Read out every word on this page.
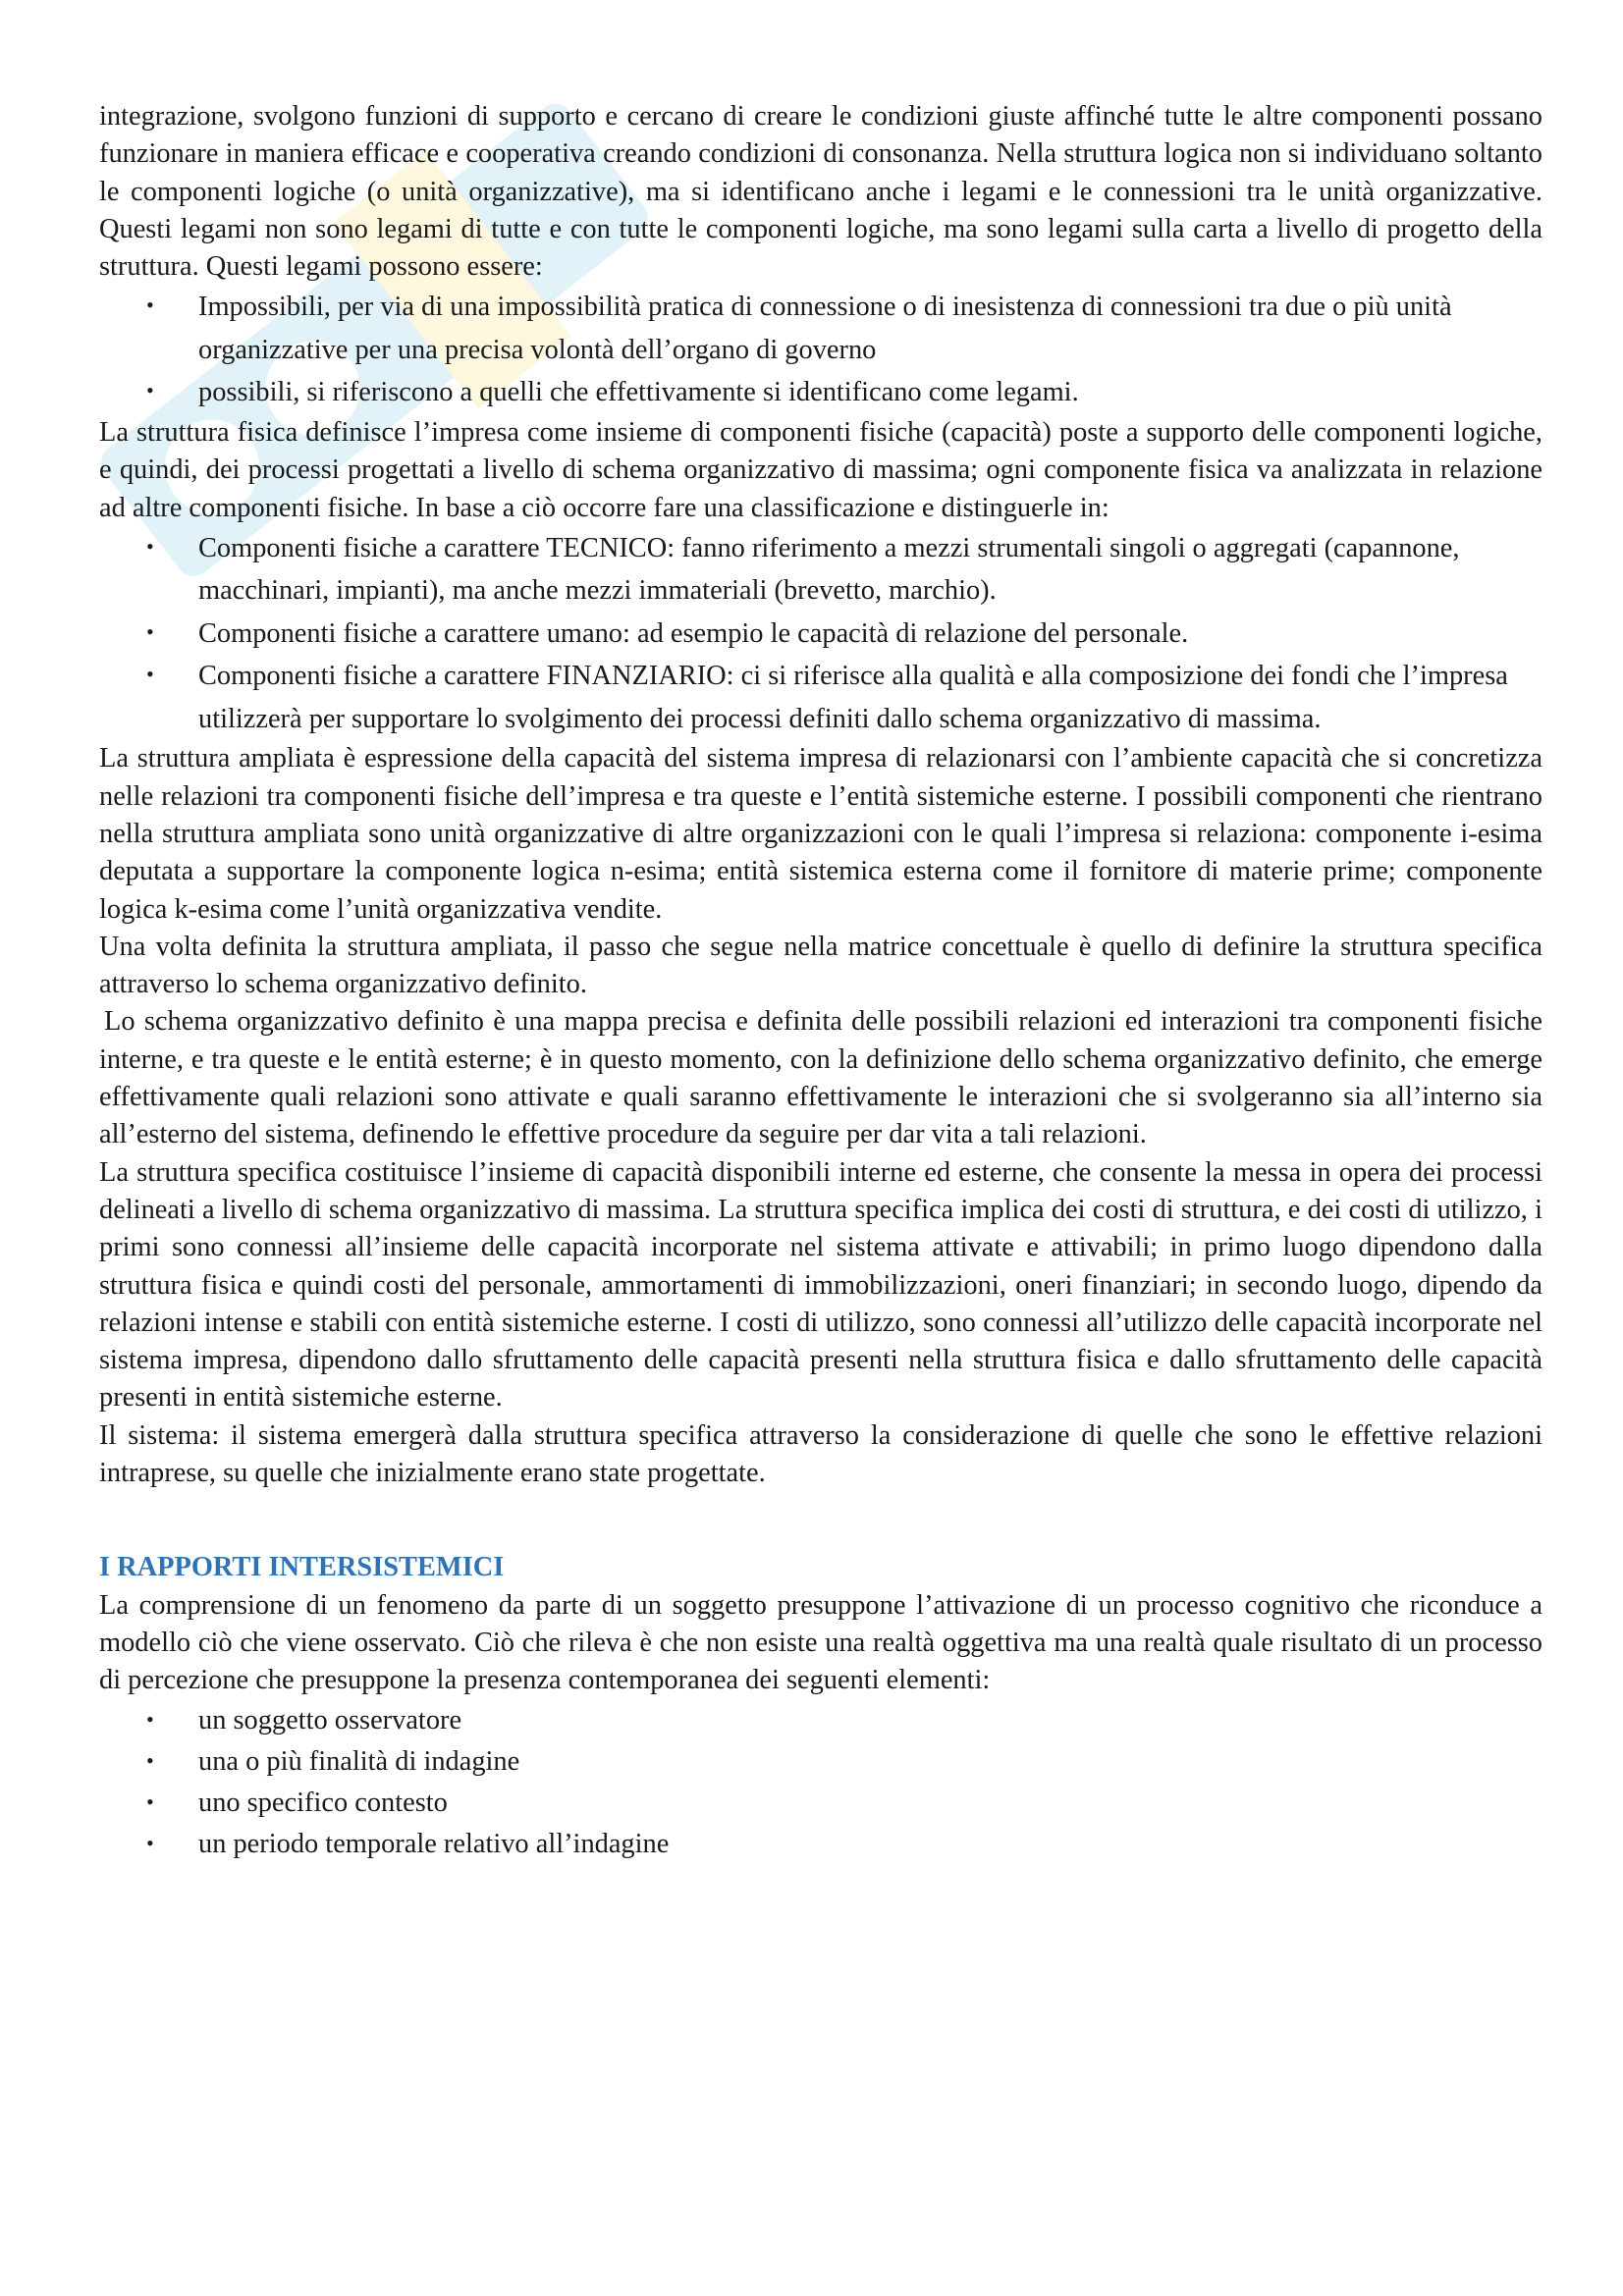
integrazione, svolgono funzioni di supporto e cercano di creare le condizioni giuste affinché tutte le altre componenti possano funzionare in maniera efficace e cooperativa creando condizioni di consonanza. Nella struttura logica non si individuano soltanto le componenti logiche (o unità organizzative), ma si identificano anche i legami e le connessioni tra le unità organizzative. Questi legami non sono legami di tutte e con tutte le componenti logiche, ma sono legami sulla carta a livello di progetto della struttura. Questi legami possono essere:

• Impossibili, per via di una impossibilità pratica di connessione o di inesistenza di connessioni tra due o più unità organizzative per una precisa volontà dell’organo di governo
• possibili, si riferiscono a quelli che effettivamente si identificano come legami.

La struttura fisica definisce l’impresa come insieme di componenti fisiche (capacità) poste a supporto delle componenti logiche, e quindi, dei processi progettati a livello di schema organizzativo di massima; ogni componente fisica va analizzata in relazione ad altre componenti fisiche. In base a ciò occorre fare una classificazione e distinguerle in:

• Componenti fisiche a carattere TECNICO: fanno riferimento a mezzi strumentali singoli o aggregati (capannone, macchinari, impianti), ma anche mezzi immateriali (brevetto, marchio).
• Componenti fisiche a carattere umano: ad esempio le capacità di relazione del personale.
• Componenti fisiche a carattere FINANZIARIO: ci si riferisce alla qualità e alla composizione dei fondi che l’impresa utilizzerà per supportare lo svolgimento dei processi definiti dallo schema organizzativo di massima.

La struttura ampliata è espressione della capacità del sistema impresa di relazionarsi con l’ambiente capacità che si concretizza nelle relazioni tra componenti fisiche dell’impresa e tra queste e l’entità sistemiche esterne. I possibili componenti che rientrano nella struttura ampliata sono unità organizzative di altre organizzazioni con le quali l’impresa si relaziona: componente i-esima deputata a supportare la componente logica n-esima; entità sistemica esterna come il fornitore di materie prime; componente logica k-esima come l’unità organizzativa vendite.

Una volta definita la struttura ampliata, il passo che segue nella matrice concettuale è quello di definire la struttura specifica attraverso lo schema organizzativo definito.

Lo schema organizzativo definito è una mappa precisa e definita delle possibili relazioni ed interazioni tra componenti fisiche interne, e tra queste e le entità esterne; è in questo momento, con la definizione dello schema organizzativo definito, che emerge effettivamente quali relazioni sono attivate e quali saranno effettivamente le interazioni che si svolgeranno sia all’interno sia all’esterno del sistema, definendo le effettive procedure da seguire per dar vita a tali relazioni.

La struttura specifica costituisce l’insieme di capacità disponibili interne ed esterne, che consente la messa in opera dei processi delineati a livello di schema organizzativo di massima. La struttura specifica implica dei costi di struttura, e dei costi di utilizzo, i primi sono connessi all’insieme delle capacità incorporate nel sistema attivate e attivabili; in primo luogo dipendono dalla struttura fisica e quindi costi del personale, ammortamenti di immobilizzazioni, oneri finanziari; in secondo luogo, dipendo da relazioni intense e stabili con entità sistemiche esterne. I costi di utilizzo, sono connessi all’utilizzo delle capacità incorporate nel sistema impresa, dipendono dallo sfruttamento delle capacità presenti nella struttura fisica e dallo sfruttamento delle capacità presenti in entità sistemiche esterne.

Il sistema: il sistema emergerà dalla struttura specifica attraverso la considerazione di quelle che sono le effettive relazioni intraprese, su quelle che inizialmente erano state progettate.

I RAPPORTI INTERSISTEMICI

La comprensione di un fenomeno da parte di un soggetto presuppone l’attivazione di un processo cognitivo che riconduce a modello ciò che viene osservato. Ciò che rileva è che non esiste una realtà oggettiva ma una realtà quale risultato di un processo di percezione che presuppone la presenza contemporanea dei seguenti elementi:

• un soggetto osservatore
• una o più finalità di indagine
• uno specifico contesto
• un periodo temporale relativo all’indagine
